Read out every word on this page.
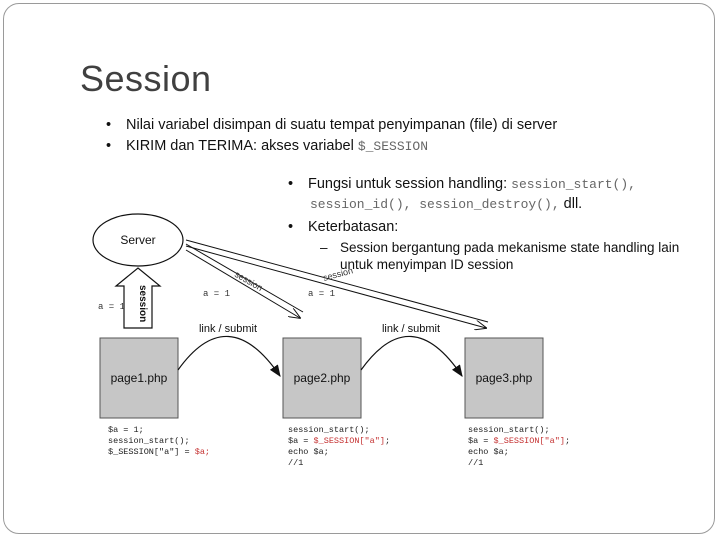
Session
• Nilai variabel disimpan di suatu tempat penyimpanan (file) di server
• KIRIM dan TERIMA: akses variabel $_SESSION
• Fungsi untuk session handling: session_start(),
session_id(), session_destroy(), dll.
• Keterbatasan:
– Session bergantung pada mekanisme state handling lain untuk menyimpan ID session
Server
session
a = 1
session	session
a = 1	a = 1
page1.php	page2.php	page3.php
link / submit	link / submit
$a = 1;
session_start();
$_SESSION["a"] = $a;
session_start();
$a = $_SESSION["a"];
echo $a;
//1
session_start();
$a = $_SESSION["a"];
echo $a;
//1
